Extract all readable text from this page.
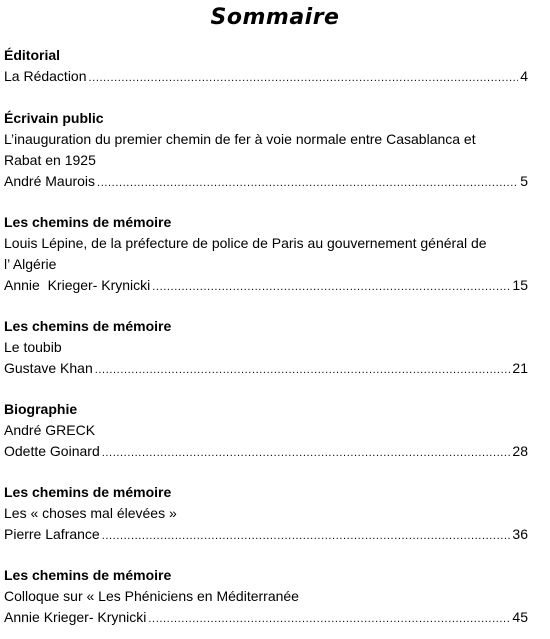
Sommaire
Éditorial
La Rédaction .....	4
Écrivain public
L’inauguration du premier chemin de fer à voie normale entre Casablanca et
Rabat en 1925
André Maurois .....	5
Les chemins de mémoire
Louis Lépine, de la préfecture de police de Paris au gouvernement général de
l’ Algérie
Annie  Krieger- Krynicki .....	15
Les chemins de mémoire
Le toubib
Gustave Khan .....	21
Biographie
André GRECK
Odette Goinard .....	28
Les chemins de mémoire
Les « choses mal élevées »
Pierre Lafrance .....	36
Les chemins de mémoire
Colloque sur « Les Phéniciens en Méditerranée
Annie Krieger- Krynicki .....	45
